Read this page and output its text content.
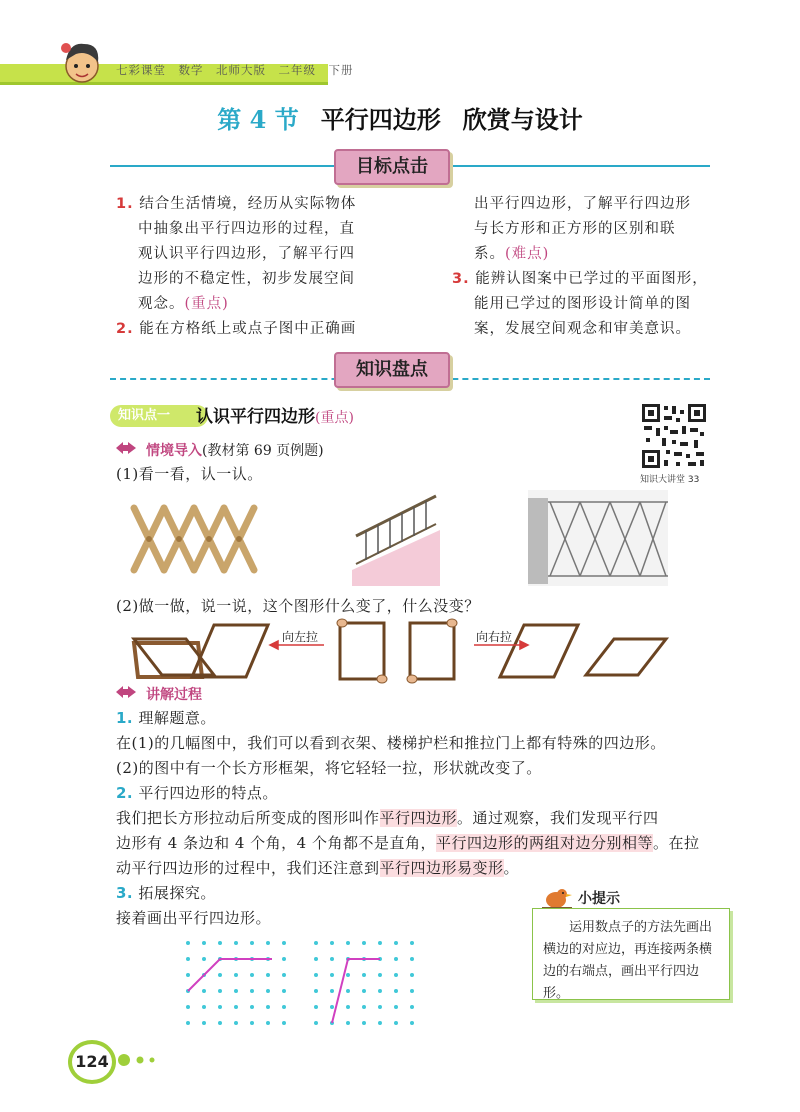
七彩课堂　数学　北师大版　二年级　下册
第 4 节 平行四边形 欣赏与设计
目标点击
1. 结合生活情境，经历从实际物体
中抽象出平行四边形的过程，直
观认识平行四边形，了解平行四
边形的不稳定性，初步发展空间
观念。(重点)
2. 能在方格纸上或点子图中正确画
出平行四边形，了解平行四边形
与长方形和正方形的区别和联
系。(难点)
3. 能辨认图案中已学过的平面图形，
能用已学过的图形设计简单的图
案，发展空间观念和审美意识。
知识盘点
知识点一	认识平行四边形(重点)
知识大讲堂 33
情境导入(教材第 69 页例题)
(1)看一看，认一认。
(2)做一做，说一说，这个图形什么变了，什么没变？
向左拉	向右拉
讲解过程
1. 理解题意。
在(1)的几幅图中，我们可以看到衣架、楼梯护栏和推拉门上都有特殊的四边形。
(2)的图中有一个长方形框架，将它轻轻一拉，形状就改变了。
2. 平行四边形的特点。
我们把长方形拉动后所变成的图形叫作平行四边形。通过观察，我们发现平行四
边形有 4 条边和 4 个角，4 个角都不是直角，平行四边形的两组对边分别相等。在拉
动平行四边形的过程中，我们还注意到平行四边形易变形。
3. 拓展探究。
接着画出平行四边形。
小提示
运用数点子的方法先画出横边的对应边，再连接两条横边的右端点，画出平行四边形。
124
